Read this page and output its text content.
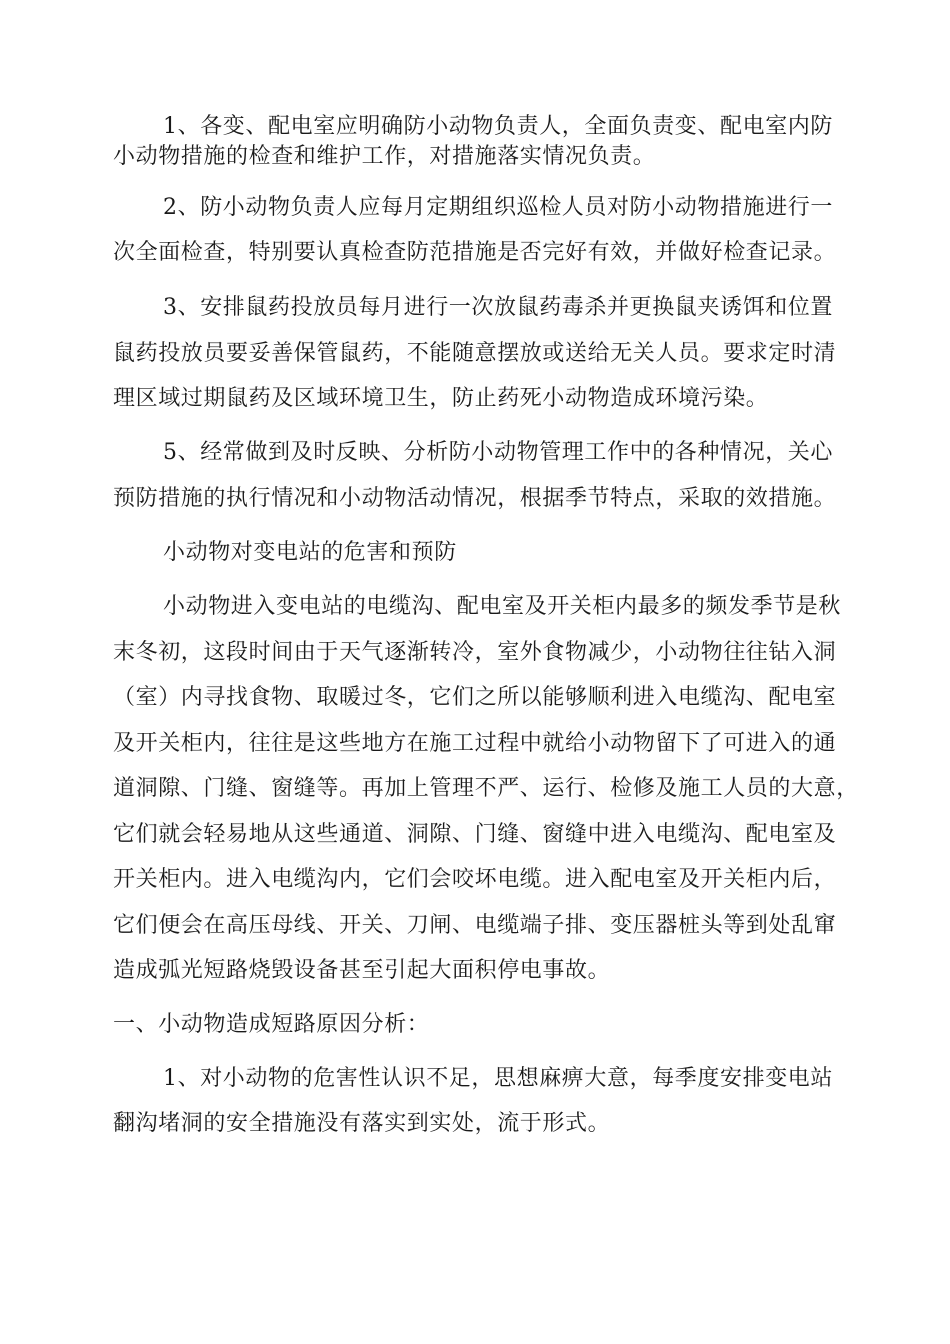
1、各变、配电室应明确防小动物负责人，全面负责变、配电室内防
小动物措施的检查和维护工作，对措施落实情况负责。
2、防小动物负责人应每月定期组织巡检人员对防小动物措施进行一
次全面检查，特别要认真检查防范措施是否完好有效，并做好检查记录。
3、安排鼠药投放员每月进行一次放鼠药毒杀并更换鼠夹诱饵和位置
鼠药投放员要妥善保管鼠药，不能随意摆放或送给无关人员。要求定时清
理区域过期鼠药及区域环境卫生，防止药死小动物造成环境污染。
5、经常做到及时反映、分析防小动物管理工作中的各种情况，关心
预防措施的执行情况和小动物活动情况，根据季节特点，采取的效措施。
小动物对变电站的危害和预防
小动物进入变电站的电缆沟、配电室及开关柜内最多的频发季节是秋
末冬初，这段时间由于天气逐渐转冷，室外食物减少，小动物往往钻入洞
（室）内寻找食物、取暖过冬，它们之所以能够顺利进入电缆沟、配电室
及开关柜内，往往是这些地方在施工过程中就给小动物留下了可进入的通
道洞隙、门缝、窗缝等。再加上管理不严、运行、检修及施工人员的大意，
它们就会轻易地从这些通道、洞隙、门缝、窗缝中进入电缆沟、配电室及
开关柜内。进入电缆沟内，它们会咬坏电缆。进入配电室及开关柜内后，
它们便会在高压母线、开关、刀闸、电缆端子排、变压器桩头等到处乱窜
造成弧光短路烧毁设备甚至引起大面积停电事故。
一、小动物造成短路原因分析：
1、对小动物的危害性认识不足，思想麻痹大意，每季度安排变电站
翻沟堵洞的安全措施没有落实到实处，流于形式。
